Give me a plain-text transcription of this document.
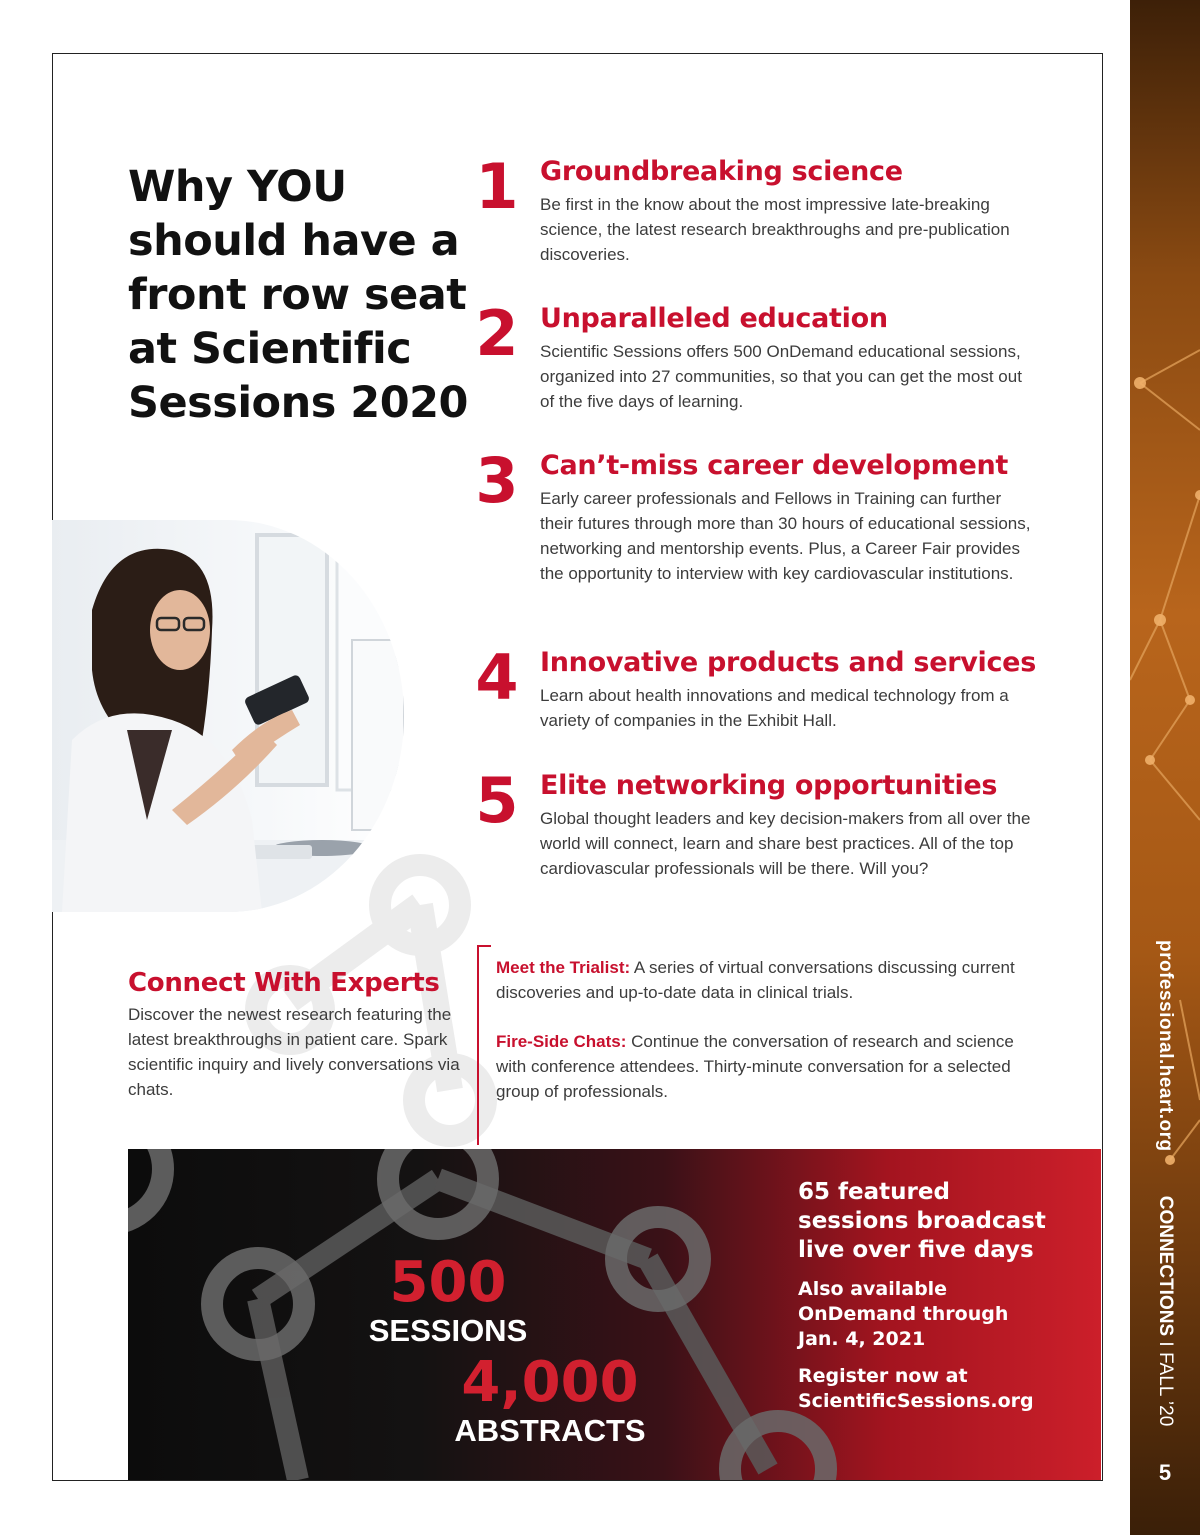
professional.heart.org
CONNECTIONS I FALL ’20
5
Why YOU should have a front row seat at Scientific Sessions 2020
1 Groundbreaking science

Be first in the know about the most impressive late-breaking science, the latest research breakthroughs and pre-publication discoveries.

2 Unparalleled education

Scientific Sessions offers 500 OnDemand educational sessions, organized into 27 communities, so that you can get the most out of the five days of learning.

3 Can’t-miss career development

Early career professionals and Fellows in Training can further their futures through more than 30 hours of educational sessions, networking and mentorship events. Plus, a Career Fair provides the opportunity to interview with key cardiovascular institutions.

4 Innovative products and services

Learn about health innovations and medical technology from a variety of companies in the Exhibit Hall.

5 Elite networking opportunities

Global thought leaders and key decision-makers from all over the world will connect, learn and share best practices. All of the top cardiovascular professionals will be there. Will you?

Connect With Experts

Discover the newest research featuring the latest breakthroughs in patient care. Spark scientific inquiry and lively conversations via chats.

Meet the Trialist: A series of virtual conversations discussing current discoveries and up-to-date data in clinical trials.

Fire-Side Chats: Continue the conversation of research and science with conference attendees. Thirty-minute conversation for a selected group of professionals.

500
SESSIONS
4,000
ABSTRACTS
65 featured sessions broadcast live over five days
Also available OnDemand through Jan. 4, 2021
Register now at ScientificSessions.org
